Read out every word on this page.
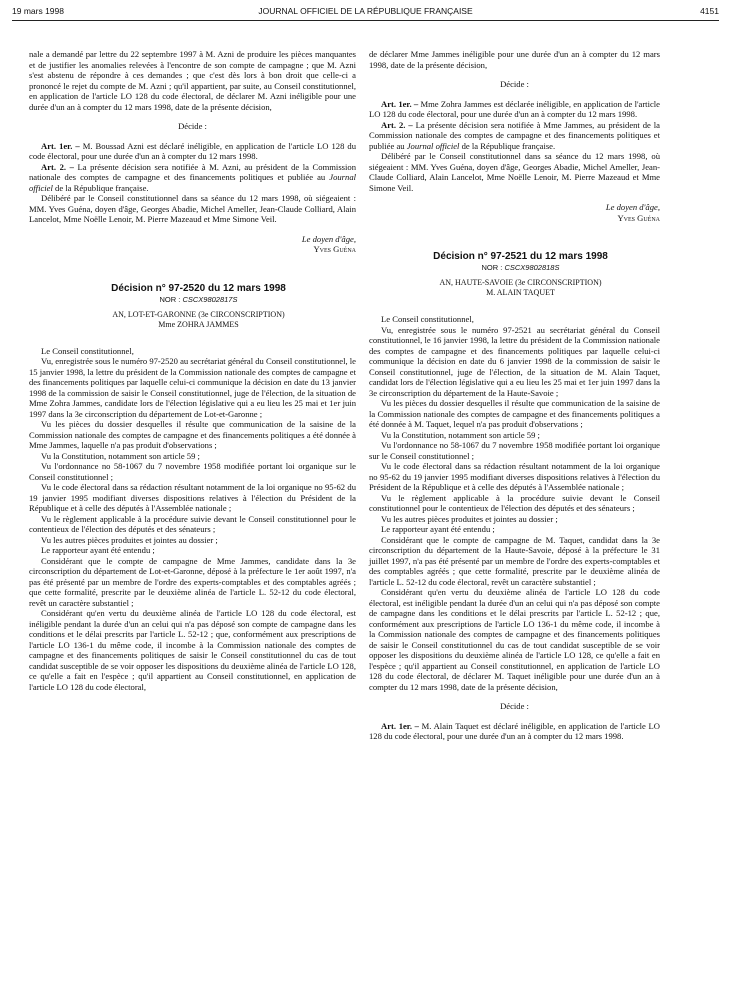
19 mars 1998	JOURNAL OFFICIEL DE LA RÉPUBLIQUE FRANÇAISE	4151

nale a demandé par lettre du 22 septembre 1997 à M. Azni de produire les pièces manquantes et de justifier les anomalies relevées à l'encontre de son compte de campagne ; que M. Azni s'est abstenu de répondre à ces demandes ; que c'est dès lors à bon droit que celle-ci a prononcé le rejet du compte de M. Azni ; qu'il appartient, par suite, au Conseil constitutionnel, en application de l'article LO 128 du code électoral, de déclarer M. Azni inéligible pour une durée d'un an à compter du 12 mars 1998, date de la présente décision,

Décide :

Art. 1er. – M. Boussad Azni est déclaré inéligible, en application de l'article LO 128 du code électoral, pour une durée d'un an à compter du 12 mars 1998.

Art. 2. – La présente décision sera notifiée à M. Azni, au président de la Commission nationale des comptes de campagne et des financements politiques et publiée au Journal officiel de la République française.

Délibéré par le Conseil constitutionnel dans sa séance du 12 mars 1998, où siégeaient : MM. Yves Guéna, doyen d'âge, Georges Abadie, Michel Ameller, Jean-Claude Colliard, Alain Lancelot, Mme Noëlle Lenoir, M. Pierre Mazeaud et Mme Simone Veil.

Le doyen d'âge,

Yves Guéna

Décision n° 97-2520 du 12 mars 1998

NOR : CSCX9802817S

AN, LOT-ET-GARONNE (3e CIRCONSCRIPTION)

Mme ZOHRA JAMMES

Le Conseil constitutionnel,

Vu, enregistrée sous le numéro 97-2520 au secrétariat général du Conseil constitutionnel, le 15 janvier 1998, la lettre du président de la Commission nationale des comptes de campagne et des financements politiques par laquelle celui-ci communique la décision en date du 13 janvier 1998 de la commission de saisir le Conseil constitutionnel, juge de l'élection, de la situation de Mme Zohra Jammes, candidate lors de l'élection législative qui a eu lieu les 25 mai et 1er juin 1997 dans la 3e circonscription du département de Lot-et-Garonne ;

Vu les pièces du dossier desquelles il résulte que communication de la saisine de la Commission nationale des comptes de campagne et des financements politiques a été donnée à Mme Jammes, laquelle n'a pas produit d'observations ;

Vu la Constitution, notamment son article 59 ;

Vu l'ordonnance no 58-1067 du 7 novembre 1958 modifiée portant loi organique sur le Conseil constitutionnel ;

Vu le code électoral dans sa rédaction résultant notamment de la loi organique no 95-62 du 19 janvier 1995 modifiant diverses dispositions relatives à l'élection du Président de la République et à celle des députés à l'Assemblée nationale ;

Vu le règlement applicable à la procédure suivie devant le Conseil constitutionnel pour le contentieux de l'élection des députés et des sénateurs ;

Vu les autres pièces produites et jointes au dossier ;

Le rapporteur ayant été entendu ;

Considérant que le compte de campagne de Mme Jammes, candidate dans la 3e circonscription du département de Lot-et-Garonne, déposé à la préfecture le 1er août 1997, n'a pas été présenté par un membre de l'ordre des experts-comptables et des comptables agréés ; que cette formalité, prescrite par le deuxième alinéa de l'article L. 52-12 du code électoral, revêt un caractère substantiel ;

Considérant qu'en vertu du deuxième alinéa de l'article LO 128 du code électoral, est inéligible pendant la durée d'un an celui qui n'a pas déposé son compte de campagne dans les conditions et le délai prescrits par l'article L. 52-12 ; que, conformément aux prescriptions de l'article LO 136-1 du même code, il incombe à la Commission nationale des comptes de campagne et des financements politiques de saisir le Conseil constitutionnel du cas de tout candidat susceptible de se voir opposer les dispositions du deuxième alinéa de l'article LO 128, ce qu'elle a fait en l'espèce ; qu'il appartient au Conseil constitutionnel, en application de l'article LO 128 du code électoral,

de déclarer Mme Jammes inéligible pour une durée d'un an à compter du 12 mars 1998, date de la présente décision,

Décide :

Art. 1er. – Mme Zohra Jammes est déclarée inéligible, en application de l'article LO 128 du code électoral, pour une durée d'un an à compter du 12 mars 1998.

Art. 2. – La présente décision sera notifiée à Mme Jammes, au président de la Commission nationale des comptes de campagne et des financements politiques et publiée au Journal officiel de la République française.

Délibéré par le Conseil constitutionnel dans sa séance du 12 mars 1998, où siégeaient : MM. Yves Guéna, doyen d'âge, Georges Abadie, Michel Ameller, Jean-Claude Colliard, Alain Lancelot, Mme Noëlle Lenoir, M. Pierre Mazeaud et Mme Simone Veil.

Le doyen d'âge,

Yves Guéna

Décision n° 97-2521 du 12 mars 1998

NOR : CSCX9802818S

AN, HAUTE-SAVOIE (3e CIRCONSCRIPTION)

M. ALAIN TAQUET

Le Conseil constitutionnel,

Vu, enregistrée sous le numéro 97-2521 au secrétariat général du Conseil constitutionnel, le 16 janvier 1998, la lettre du président de la Commission nationale des comptes de campagne et des financements politiques par laquelle celui-ci communique la décision en date du 6 janvier 1998 de la commission de saisir le Conseil constitutionnel, juge de l'élection, de la situation de M. Alain Taquet, candidat lors de l'élection législative qui a eu lieu les 25 mai et 1er juin 1997 dans la 3e circonscription du département de la Haute-Savoie ;

Vu les pièces du dossier desquelles il résulte que communication de la saisine de la Commission nationale des comptes de campagne et des financements politiques a été donnée à M. Taquet, lequel n'a pas produit d'observations ;

Vu la Constitution, notamment son article 59 ;

Vu l'ordonnance no 58-1067 du 7 novembre 1958 modifiée portant loi organique sur le Conseil constitutionnel ;

Vu le code électoral dans sa rédaction résultant notamment de la loi organique no 95-62 du 19 janvier 1995 modifiant diverses dispositions relatives à l'élection du Président de la République et à celle des députés à l'Assemblée nationale ;

Vu le règlement applicable à la procédure suivie devant le Conseil constitutionnel pour le contentieux de l'élection des députés et des sénateurs ;

Vu les autres pièces produites et jointes au dossier ;

Le rapporteur ayant été entendu ;

Considérant que le compte de campagne de M. Taquet, candidat dans la 3e circonscription du département de la Haute-Savoie, déposé à la préfecture le 31 juillet 1997, n'a pas été présenté par un membre de l'ordre des experts-comptables et des comptables agréés ; que cette formalité, prescrite par le deuxième alinéa de l'article L. 52-12 du code électoral, revêt un caractère substantiel ;

Considérant qu'en vertu du deuxième alinéa de l'article LO 128 du code électoral, est inéligible pendant la durée d'un an celui qui n'a pas déposé son compte de campagne dans les conditions et le délai prescrits par l'article L. 52-12 ; que, conformément aux prescriptions de l'article LO 136-1 du même code, il incombe à la Commission nationale des comptes de campagne et des financements politiques de saisir le Conseil constitutionnel du cas de tout candidat susceptible de se voir opposer les dispositions du deuxième alinéa de l'article LO 128, ce qu'elle a fait en l'espèce ; qu'il appartient au Conseil constitutionnel, en application de l'article LO 128 du code électoral, de déclarer M. Taquet inéligible pour une durée d'un an à compter du 12 mars 1998, date de la présente décision,

Décide :

Art. 1er. – M. Alain Taquet est déclaré inéligible, en application de l'article LO 128 du code électoral, pour une durée d'un an à compter du 12 mars 1998.
